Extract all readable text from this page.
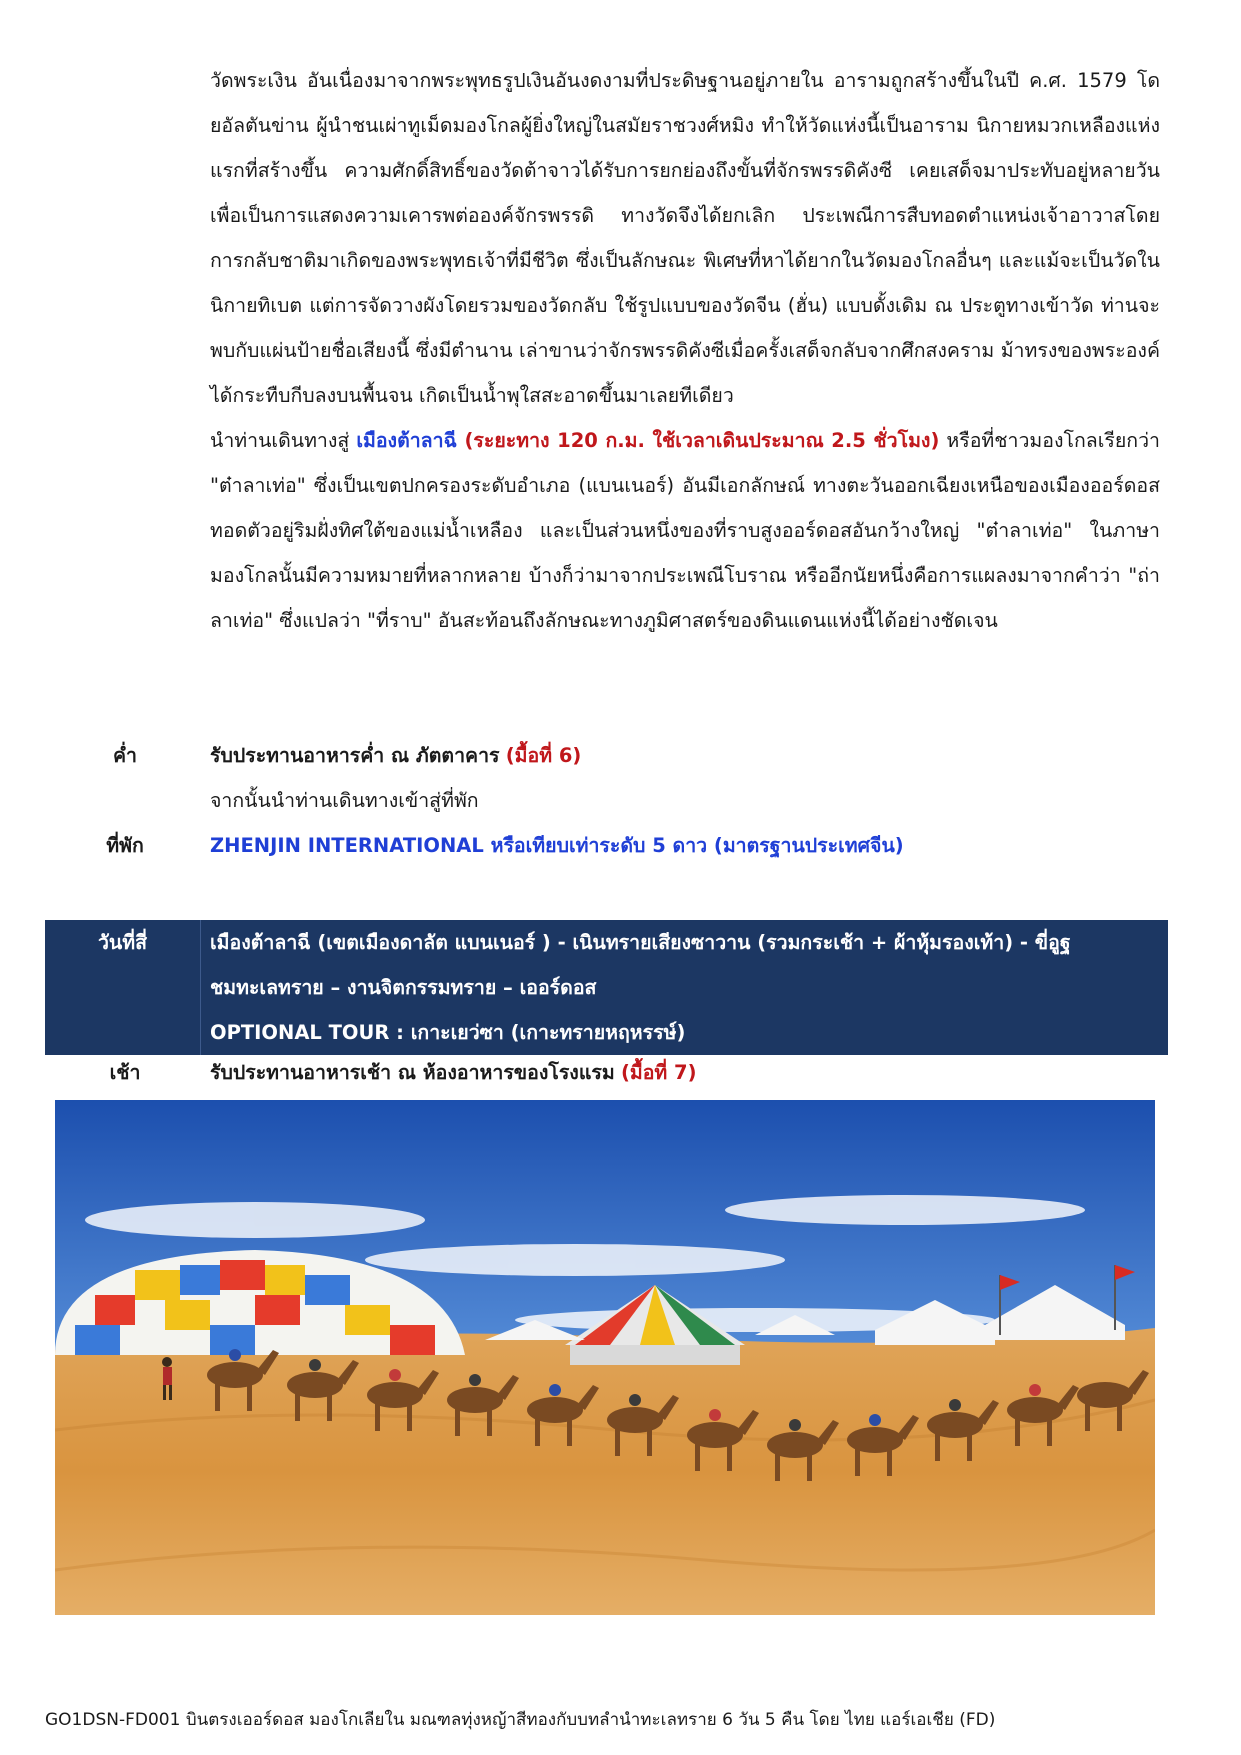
วัดพระเงิน อันเนื่องมาจากพระพุทธรูปเงินอันงดงามที่ประดิษฐานอยู่ภายใน อารามถูกสร้างขึ้นในปี ค.ศ. 1579 โดยอัลตันข่าน ผู้นำชนเผ่าทูเม็ดมองโกลผู้ยิ่งใหญ่ในสมัยราชวงศ์หมิง ทำให้วัดแห่งนี้เป็นอาราม นิกายหมวกเหลืองแห่งแรกที่สร้างขึ้น ความศักดิ์สิทธิ์ของวัดต้าจาวได้รับการยกย่องถึงขั้นที่จักรพรรดิคังซี เคยเสด็จมาประทับอยู่หลายวัน เพื่อเป็นการแสดงความเคารพต่อองค์จักรพรรดิ ทางวัดจึงได้ยกเลิก ประเพณีการสืบทอดตำแหน่งเจ้าอาวาสโดยการกลับชาติมาเกิดของพระพุทธเจ้าที่มีชีวิต ซึ่งเป็นลักษณะ พิเศษที่หาได้ยากในวัดมองโกลอื่นๆ และแม้จะเป็นวัดในนิกายทิเบต แต่การจัดวางผังโดยรวมของวัดกลับ ใช้รูปแบบของวัดจีน (ฮั่น) แบบดั้งเดิม ณ ประตูทางเข้าวัด ท่านจะพบกับแผ่นป้ายชื่อเสียงนี้ ซึ่งมีตำนาน เล่าขานว่าจักรพรรดิคังซีเมื่อครั้งเสด็จกลับจากศึกสงคราม ม้าทรงของพระองค์ได้กระทืบกีบลงบนพื้นจน เกิดเป็นน้ำพุใสสะอาดขึ้นมาเลยทีเดียว

นำท่านเดินทางสู่ เมืองต้าลาฉี (ระยะทาง 120 ก.ม. ใช้เวลาเดินประมาณ 2.5 ชั่วโมง) หรือที่ชาวมองโกลเรียกว่า "ต๋าลาเท่อ" ซึ่งเป็นเขตปกครองระดับอำเภอ (แบนเนอร์) อันมีเอกลักษณ์ ทางตะวันออกเฉียงเหนือของเมืองออร์ดอส ทอดตัวอยู่ริมฝั่งทิศใต้ของแม่น้ำเหลือง และเป็นส่วนหนึ่งของที่ราบสูงออร์ดอสอันกว้างใหญ่ "ต๋าลาเท่อ" ในภาษามองโกลนั้นมีความหมายที่หลากหลาย บ้างก็ว่ามาจากประเพณีโบราณ หรืออีกนัยหนึ่งคือการแผลงมาจากคำว่า "ถ่าลาเท่อ" ซึ่งแปลว่า "ที่ราบ" อันสะท้อนถึงลักษณะทางภูมิศาสตร์ของดินแดนแห่งนี้ได้อย่างชัดเจน

ค่ำ	รับประทานอาหารค่ำ ณ ภัตตาคาร (มื้อที่ 6)
จากนั้นนำท่านเดินทางเข้าสู่ที่พัก
ที่พัก	ZHENJIN INTERNATIONAL หรือเทียบเท่าระดับ 5 ดาว (มาตรฐานประเทศจีน)
วันที่สี่	เมืองต้าลาฉี (เขตเมืองดาลัต แบนเนอร์ ) - เนินทรายเสียงซาวาน (รวมกระเช้า + ผ้าหุ้มรองเท้า) - ขี่อูฐ
ชมทะเลทราย – งานจิตกรรมทราย – เออร์ดอส
OPTIONAL TOUR : เกาะเยว่ซา (เกาะทรายหฤหรรษ์)
เช้า	รับประทานอาหารเช้า ณ ห้องอาหารของโรงแรม (มื้อที่ 7)
GO1DSN-FD001 บินตรงเออร์ดอส มองโกเลียใน มณฑลทุ่งหญ้าสีทองกับบทลำนำทะเลทราย 6 วัน 5 คืน โดย ไทย แอร์เอเชีย (FD)
